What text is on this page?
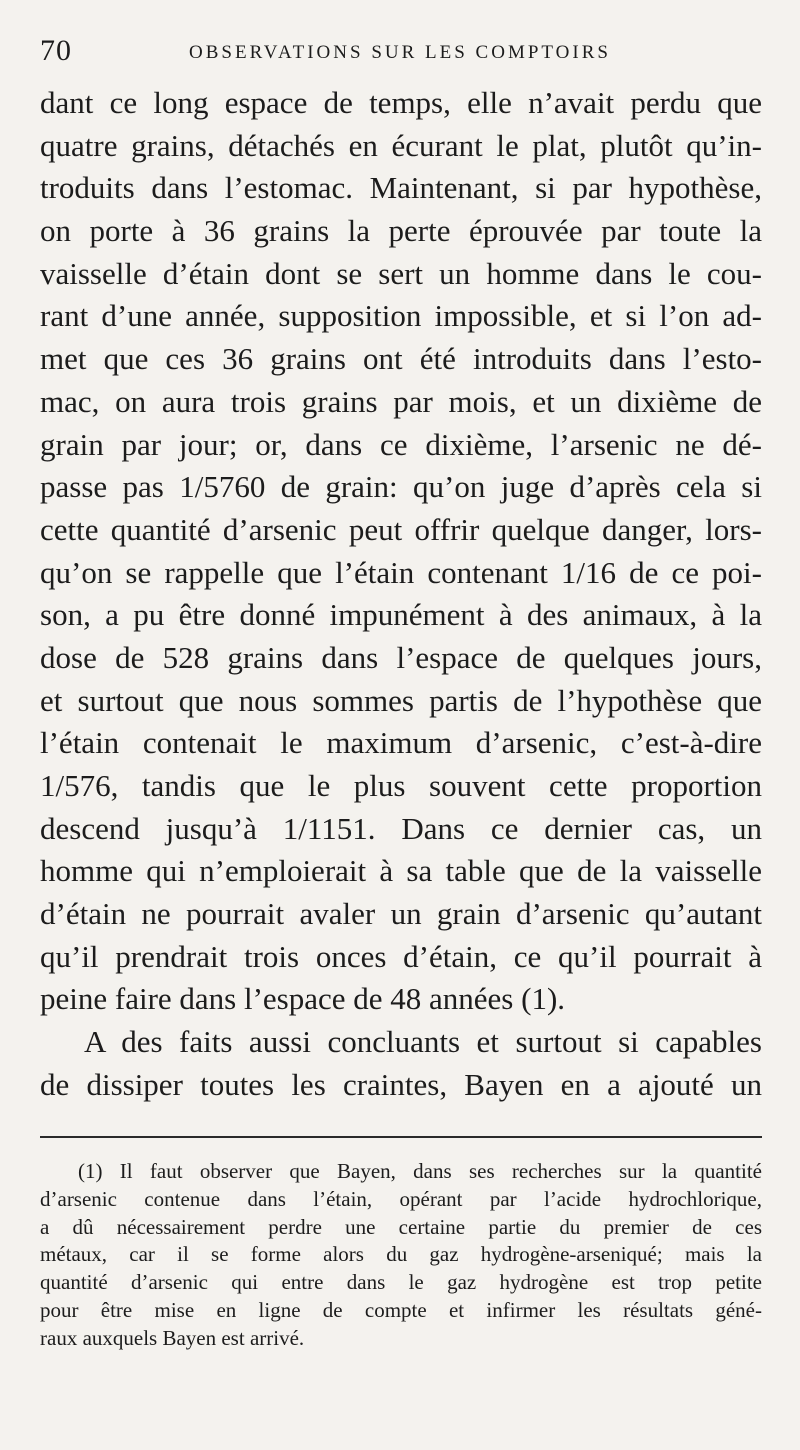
70	OBSERVATIONS SUR LES COMPTOIRS
dant ce long espace de temps, elle n’avait perdu que
quatre grains, détachés en écurant le plat, plutôt qu’in-
troduits dans l’estomac. Maintenant, si par hypothèse,
on porte à 36 grains la perte éprouvée par toute la
vaisselle d’étain dont se sert un homme dans le cou-
rant d’une année, supposition impossible, et si l’on ad-
met que ces 36 grains ont été introduits dans l’esto-
mac, on aura trois grains par mois, et un dixième de
grain par jour; or, dans ce dixième, l’arsenic ne dé-
passe pas 1/5760 de grain: qu’on juge d’après cela si
cette quantité d’arsenic peut offrir quelque danger, lors-
qu’on se rappelle que l’étain contenant 1/16 de ce poi-
son, a pu être donné impunément à des animaux, à la
dose de 528 grains dans l’espace de quelques jours,
et surtout que nous sommes partis de l’hypothèse que
l’étain contenait le maximum d’arsenic, c’est-à-dire
1/576, tandis que le plus souvent cette proportion
descend jusqu’à 1/1151. Dans ce dernier cas, un
homme qui n’emploierait à sa table que de la vaisselle
d’étain ne pourrait avaler un grain d’arsenic qu’autant
qu’il prendrait trois onces d’étain, ce qu’il pourrait à
peine faire dans l’espace de 48 années (1).
A des faits aussi concluants et surtout si capables
de dissiper toutes les craintes, Bayen en a ajouté un
(1) Il faut observer que Bayen, dans ses recherches sur la quantité
d’arsenic contenue dans l’étain, opérant par l’acide hydrochlorique,
a dû nécessairement perdre une certaine partie du premier de ces
métaux, car il se forme alors du gaz hydrogène-arseniqué; mais la
quantité d’arsenic qui entre dans le gaz hydrogène est trop petite
pour être mise en ligne de compte et infirmer les résultats géné-
raux auxquels Bayen est arrivé.
